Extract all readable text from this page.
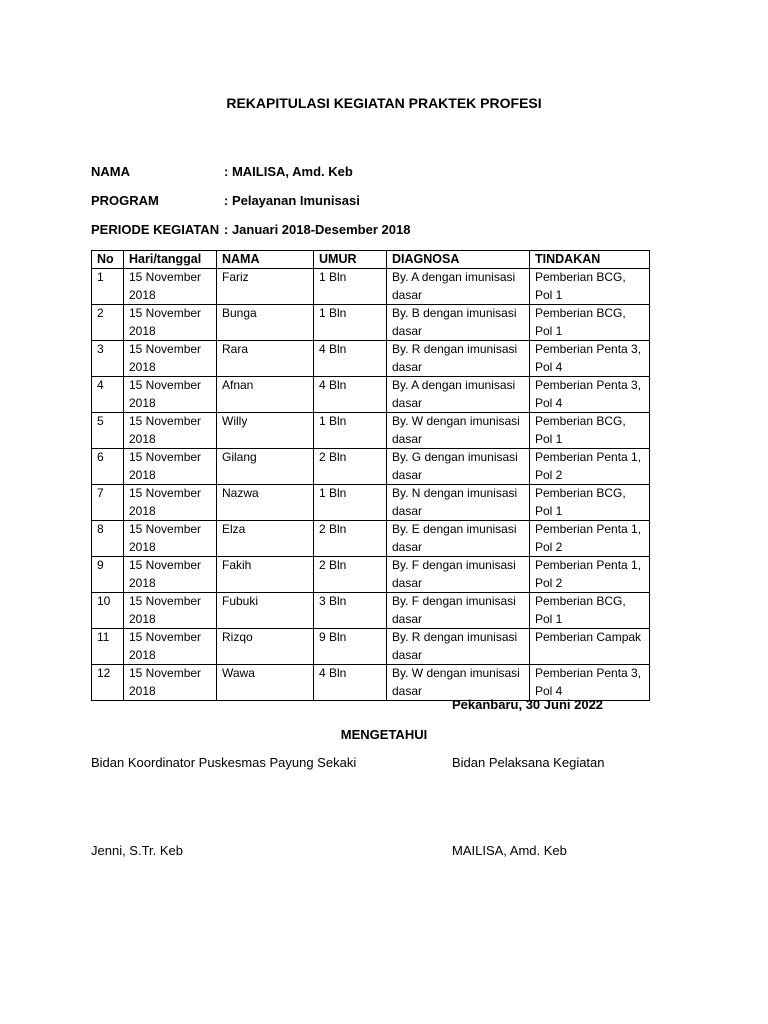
REKAPITULASI KEGIATAN PRAKTEK PROFESI
NAMA	: MAILISA, Amd. Keb
PROGRAM	: Pelayanan Imunisasi
PERIODE KEGIATAN : Januari 2018-Desember 2018
No	Hari/tanggal	NAMA	UMUR	DIAGNOSA	TINDAKAN
1	15 November 2018	Fariz	1 Bln	By. A dengan imunisasi dasar	Pemberian BCG, Pol 1
2	15 November 2018	Bunga	1 Bln	By. B dengan imunisasi dasar	Pemberian BCG, Pol 1
3	15 November 2018	Rara	4 Bln	By. R dengan imunisasi dasar	Pemberian Penta 3, Pol 4
4	15 November 2018	Afnan	4 Bln	By. A dengan imunisasi dasar	Pemberian Penta 3, Pol 4
5	15 November 2018	Willy	1 Bln	By. W dengan imunisasi dasar	Pemberian BCG, Pol 1
6	15 November 2018	Gilang	2 Bln	By. G dengan imunisasi dasar	Pemberian Penta 1, Pol 2
7	15 November 2018	Nazwa	1 Bln	By. N dengan imunisasi dasar	Pemberian BCG, Pol 1
8	15 November 2018	Elza	2 Bln	By. E dengan imunisasi dasar	Pemberian Penta 1, Pol 2
9	15 November 2018	Fakih	2 Bln	By. F dengan imunisasi dasar	Pemberian Penta 1, Pol 2
10	15 November 2018	Fubuki	3 Bln	By. F dengan imunisasi dasar	Pemberian BCG, Pol 1
11	15 November 2018	Rizqo	9 Bln	By. R dengan imunisasi dasar	Pemberian Campak
12	15 November 2018	Wawa	4 Bln	By. W dengan imunisasi dasar	Pemberian Penta 3, Pol 4
Pekanbaru, 30 Juni 2022
MENGETAHUI
Bidan Koordinator Puskesmas Payung Sekaki	Bidan Pelaksana Kegiatan
Jenni, S.Tr. Keb	MAILISA, Amd. Keb
